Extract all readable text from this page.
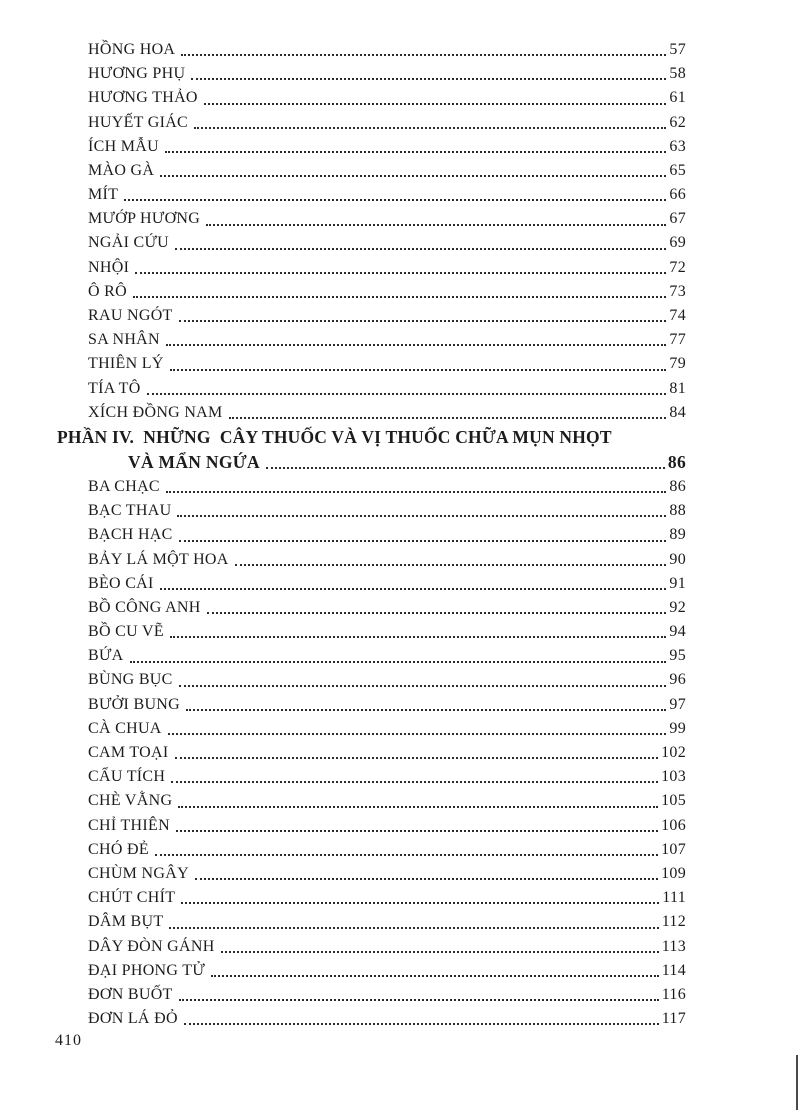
HỒNG HOA	57
HƯƠNG PHỤ	58
HƯƠNG THẢO	61
HUYẾT GIÁC	62
ÍCH MẪU	63
MÀO GÀ	65
MÍT	66
MƯỚP HƯƠNG	67
NGẢI CỨU	69
NHỘI	72
Ô RÔ	73
RAU NGÓT	74
SA NHÂN	77
THIÊN LÝ	79
TÍA TÔ	81
XÍCH ĐỒNG NAM	84
PHẦN IV.  NHỮNG  CÂY THUỐC VÀ VỊ THUỐC CHỮA MỤN NHỌT
VÀ MẨN NGỨA	86
BA CHẠC	86
BẠC THAU	88
BẠCH HẠC	89
BẢY LÁ MỘT HOA	90
BÈO CÁI	91
BỒ CÔNG ANH	92
BỒ CU VẼ	94
BỨA	95
BÙNG BỤC	96
BƯỞI BUNG	97
CÀ CHUA	99
CAM TOẠI	102
CẨU TÍCH	103
CHÈ VẰNG	105
CHỈ THIÊN	106
CHÓ ĐẺ	107
CHÙM NGÂY	109
CHÚT CHÍT	111
DÂM BỤT	112
DÂY ĐÒN GÁNH	113
ĐẠI PHONG TỬ	114
ĐƠN BUỐT	116
ĐƠN LÁ ĐỎ	117
410
